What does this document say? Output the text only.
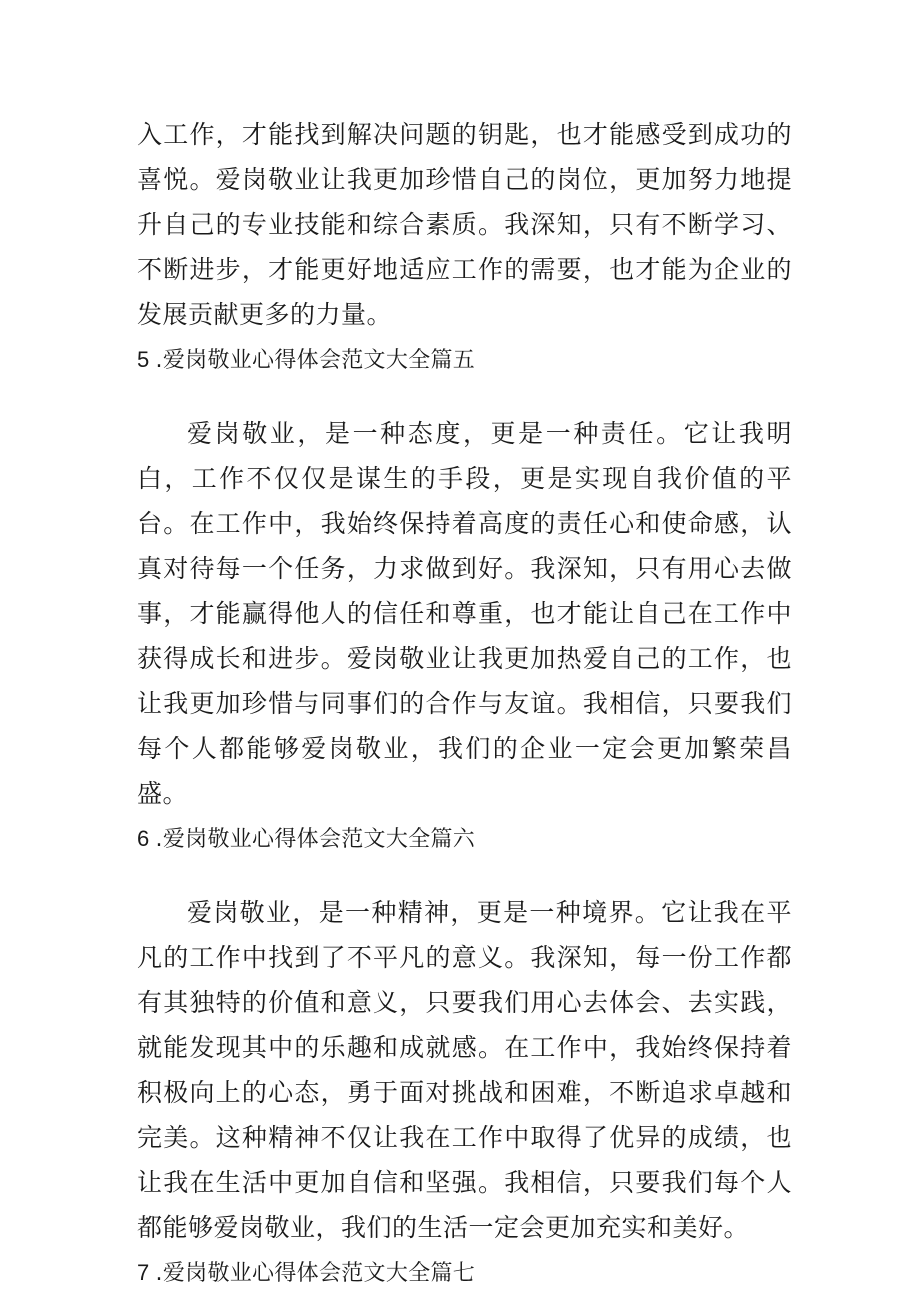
入工作，才能找到解决问题的钥匙，也才能感受到成功的喜悦。爱岗敬业让我更加珍惜自己的岗位，更加努力地提升自己的专业技能和综合素质。我深知，只有不断学习、不断进步，才能更好地适应工作的需要，也才能为企业的发展贡献更多的力量。

5 .爱岗敬业心得体会范文大全篇五

爱岗敬业，是一种态度，更是一种责任。它让我明白，工作不仅仅是谋生的手段，更是实现自我价值的平台。在工作中，我始终保持着高度的责任心和使命感，认真对待每一个任务，力求做到好。我深知，只有用心去做事，才能赢得他人的信任和尊重，也才能让自己在工作中获得成长和进步。爱岗敬业让我更加热爱自己的工作，也让我更加珍惜与同事们的合作与友谊。我相信，只要我们每个人都能够爱岗敬业，我们的企业一定会更加繁荣昌盛。

6 .爱岗敬业心得体会范文大全篇六

爱岗敬业，是一种精神，更是一种境界。它让我在平凡的工作中找到了不平凡的意义。我深知，每一份工作都有其独特的价值和意义，只要我们用心去体会、去实践，就能发现其中的乐趣和成就感。在工作中，我始终保持着积极向上的心态，勇于面对挑战和困难，不断追求卓越和完美。这种精神不仅让我在工作中取得了优异的成绩，也让我在生活中更加自信和坚强。我相信，只要我们每个人都能够爱岗敬业，我们的生活一定会更加充实和美好。

7 .爱岗敬业心得体会范文大全篇七
